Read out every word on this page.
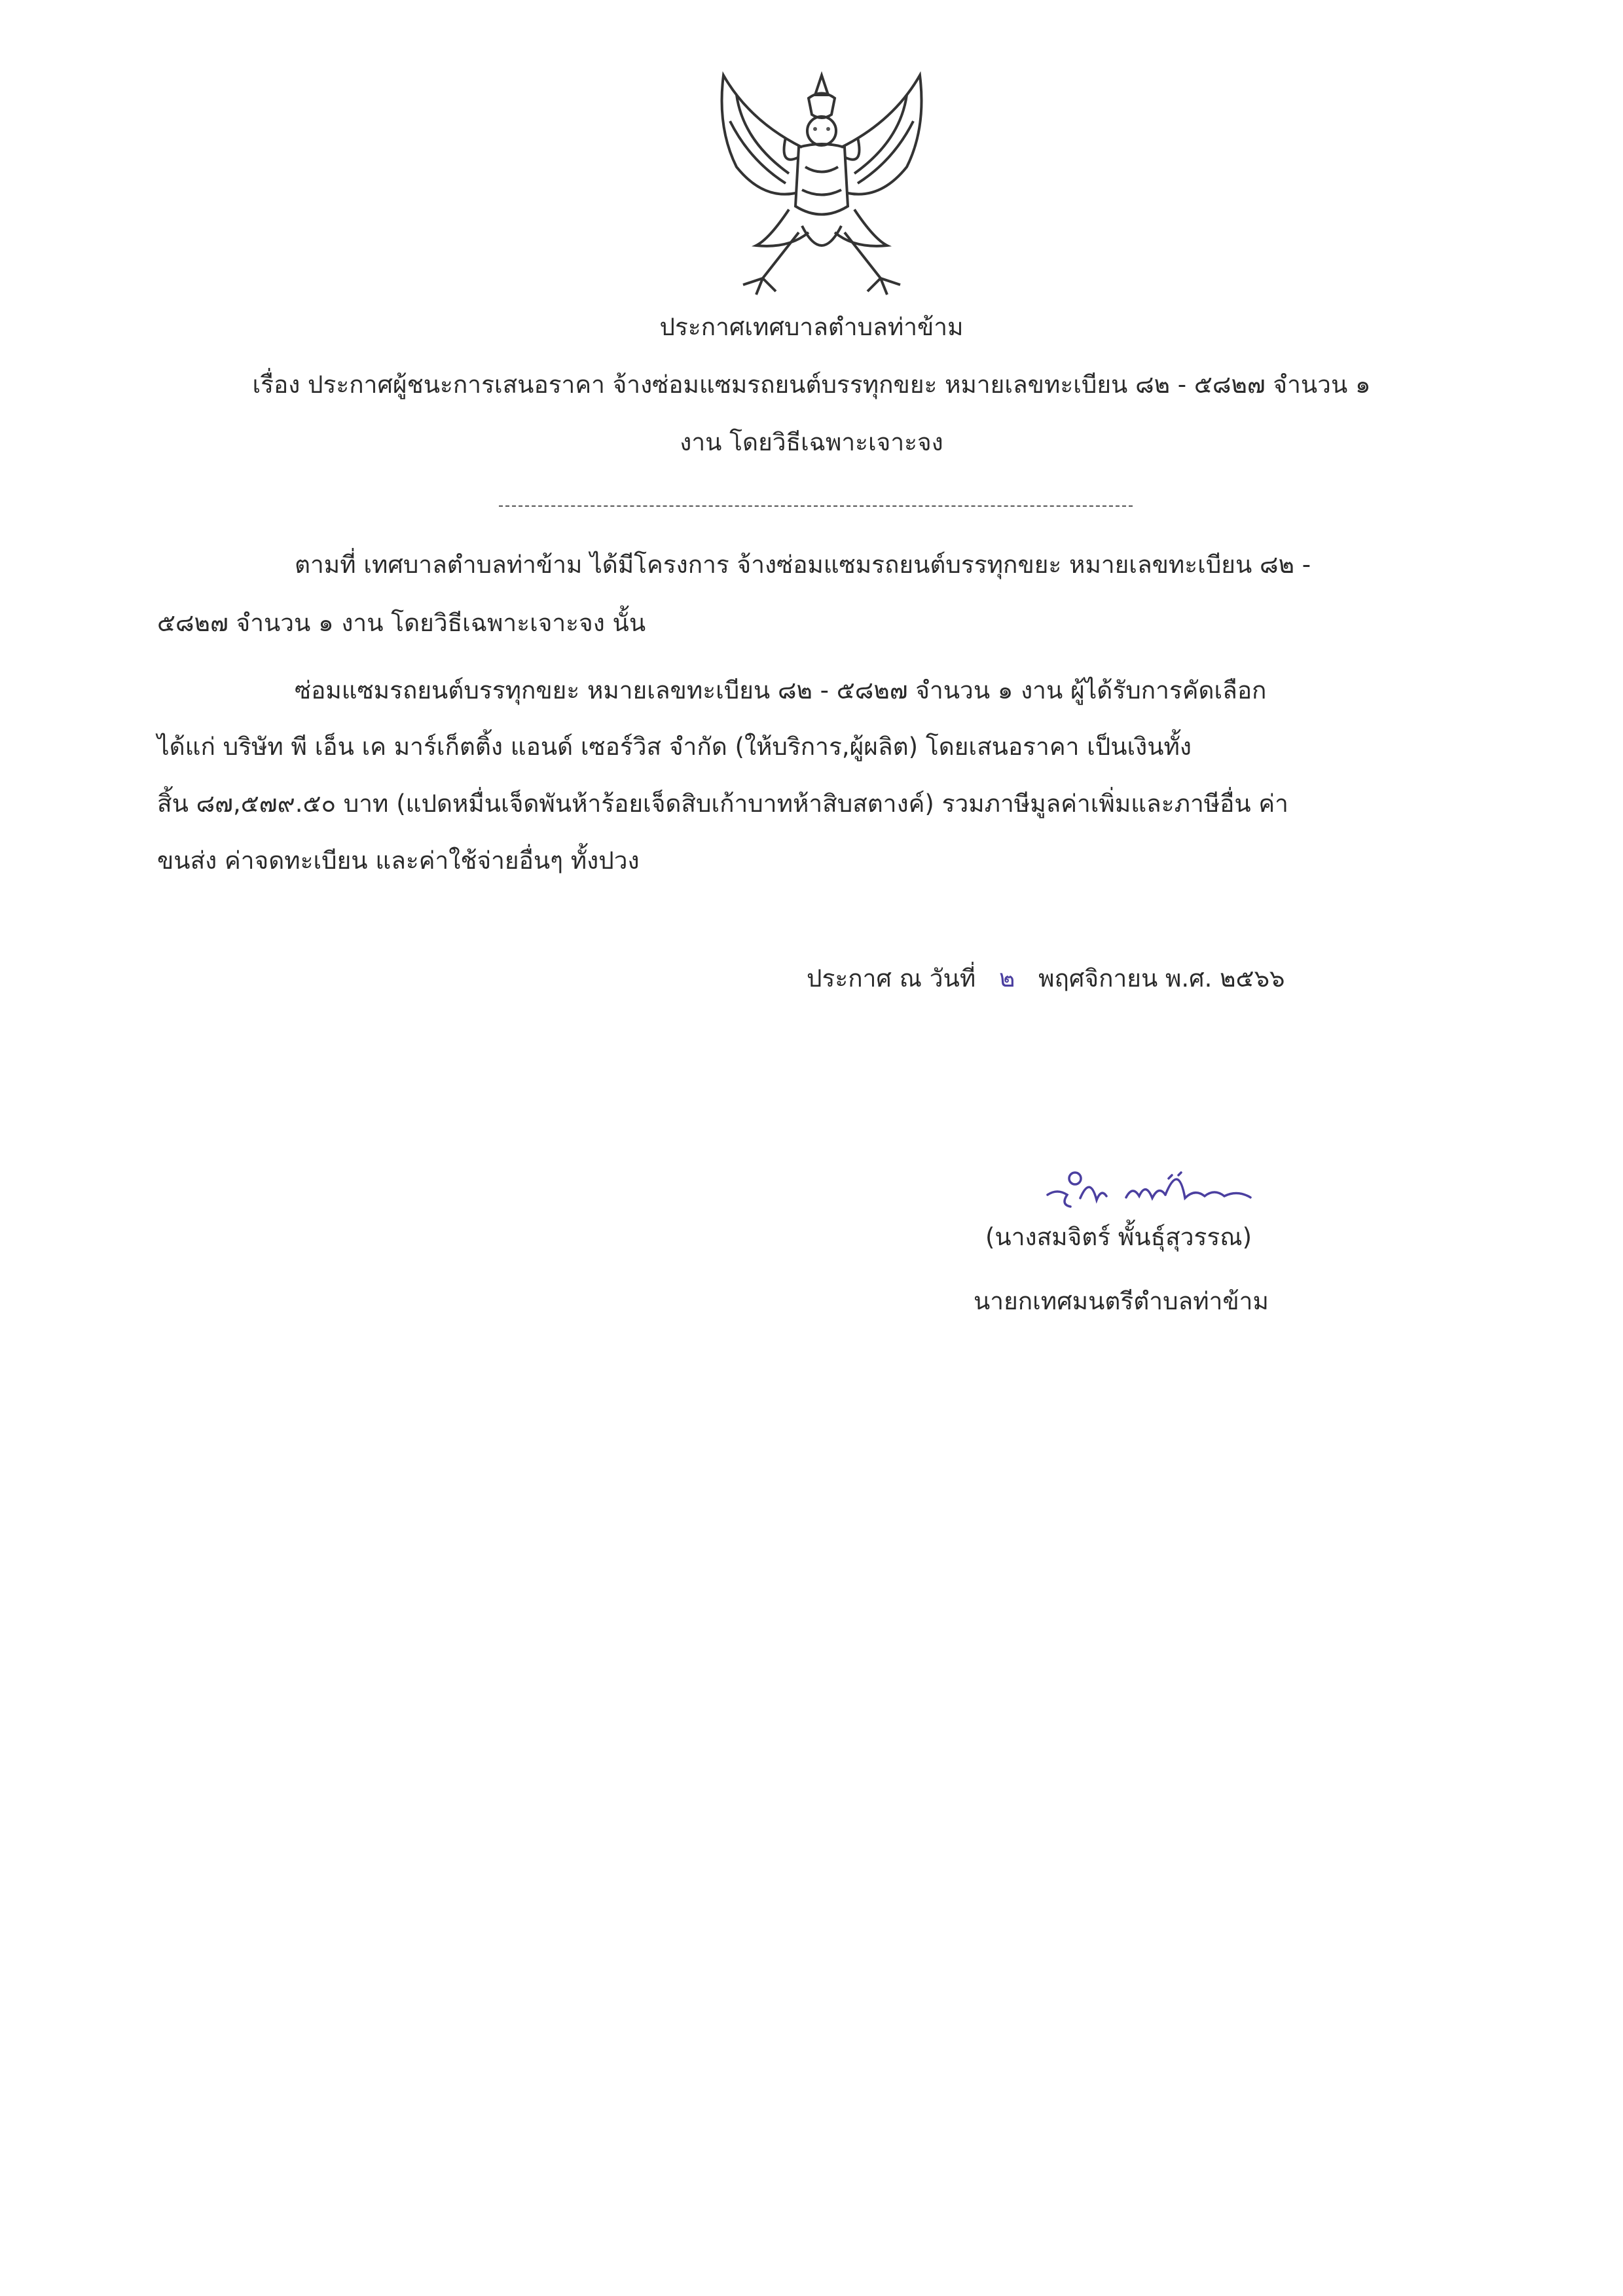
ประกาศเทศบาลตำบลท่าข้าม
เรื่อง ประกาศผู้ชนะการเสนอราคา จ้างซ่อมแซมรถยนต์บรรทุกขยะ หมายเลขทะเบียน ๘๒ - ๕๘๒๗ จำนวน ๑
งาน โดยวิธีเฉพาะเจาะจง
ตามที่ เทศบาลตำบลท่าข้าม ได้มีโครงการ จ้างซ่อมแซมรถยนต์บรรทุกขยะ หมายเลขทะเบียน ๘๒ -
๕๘๒๗ จำนวน ๑ งาน โดยวิธีเฉพาะเจาะจง นั้น
ซ่อมแซมรถยนต์บรรทุกขยะ หมายเลขทะเบียน ๘๒ - ๕๘๒๗ จำนวน ๑ งาน ผู้ได้รับการคัดเลือก
ได้แก่ บริษัท พี เอ็น เค มาร์เก็ตติ้ง แอนด์ เซอร์วิส จำกัด (ให้บริการ,ผู้ผลิต) โดยเสนอราคา เป็นเงินทั้ง
สิ้น ๘๗,๕๗๙.๕๐ บาท (แปดหมื่นเจ็ดพันห้าร้อยเจ็ดสิบเก้าบาทห้าสิบสตางค์) รวมภาษีมูลค่าเพิ่มและภาษีอื่น ค่า
ขนส่ง ค่าจดทะเบียน และค่าใช้จ่ายอื่นๆ ทั้งปวง
ประกาศ ณ วันที่ ๒ พฤศจิกายน พ.ศ. ๒๕๖๖
(นางสมจิตร์ พั้นธุ์สุวรรณ)
นายกเทศมนตรีตำบลท่าข้าม
